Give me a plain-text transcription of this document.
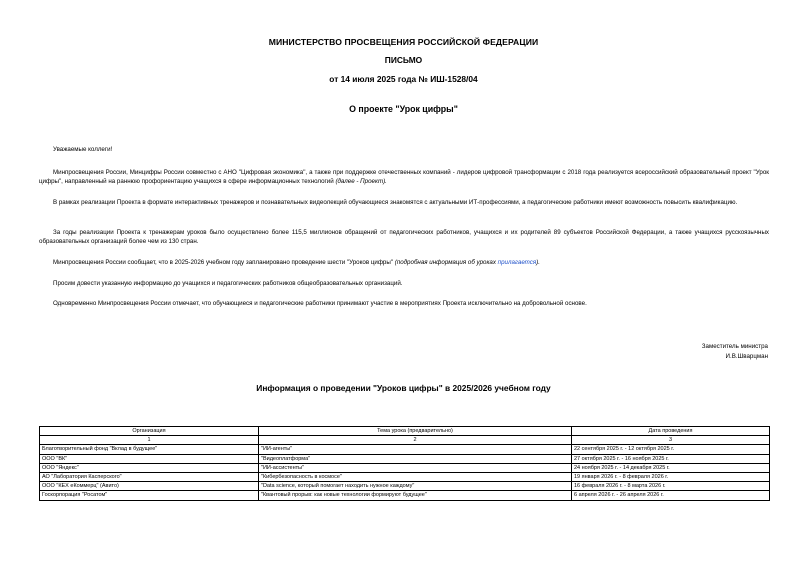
МИНИСТЕРСТВО ПРОСВЕЩЕНИЯ РОССИЙСКОЙ ФЕДЕРАЦИИ
ПИСЬМО
от 14 июля 2025 года № ИШ-1528/04
О проекте "Урок цифры"

Уважаемые коллеги!

Минпросвещения России, Минцифры России совместно с АНО "Цифровая экономика", а также при поддержке отечественных компаний - лидеров цифровой трансформации с 2018 года реализуется всероссийский образовательный проект "Урок цифры", направленный на раннюю профориентацию учащихся в сфере информационных технологий (далее - Проект).

В рамках реализации Проекта в формате интерактивных тренажеров и познавательных видеолекций обучающиеся знакомятся с актуальными ИТ-профессиями, а педагогические работники имеют возможность повысить квалификацию.

За годы реализации Проекта к тренажерам уроков было осуществлено более 115,5 миллионов обращений от педагогических работников, учащихся и их родителей 89 субъектов Российской Федерации, а также учащихся русскоязычных образовательных организаций более чем из 130 стран.

Минпросвещения России сообщает, что в 2025-2026 учебном году запланировано проведение шести "Уроков цифры" (подробная информация об уроках прилагается).

Просим довести указанную информацию до учащихся и педагогических работников общеобразовательных организаций.

Одновременно Минпросвещения России отмечает, что обучающиеся и педагогические работники принимают участие в мероприятиях Проекта исключительно на добровольной основе.

Заместитель министра
И.В.Шварцман
Информация о проведении "Уроков цифры" в 2025/2026 учебном году
Организация	Тема урока (предварительно)	Дата проведения
1	2	3
Благотворительный фонд "Вклад в будущее"	"ИИ-агенты"	22 сентября 2025 г. - 12 октября 2025 г.
ООО "ВК"	"Видеоплатформа"	27 октября 2025 г. - 16 ноября 2025 г.
ООО "Яндекс"	"ИИ-ассистенты"	24 ноября 2025 г. - 14 декабря 2025 г.
АО "Лаборатория Касперского"	"Кибербезопасность в космосе"	19 января 2026 г. - 8 февраля 2026 г.
ООО "КЕХ еКоммерц" (Авито)	"Data science, который помогает находить нужное каждому"	16 февраля 2026 г. - 8 марта 2026 г.
Госкорпорация "Росатом"	"Квантовый прорыв: как новые технологии формируют будущее"	6 апреля 2026 г. - 26 апреля 2026 г.
